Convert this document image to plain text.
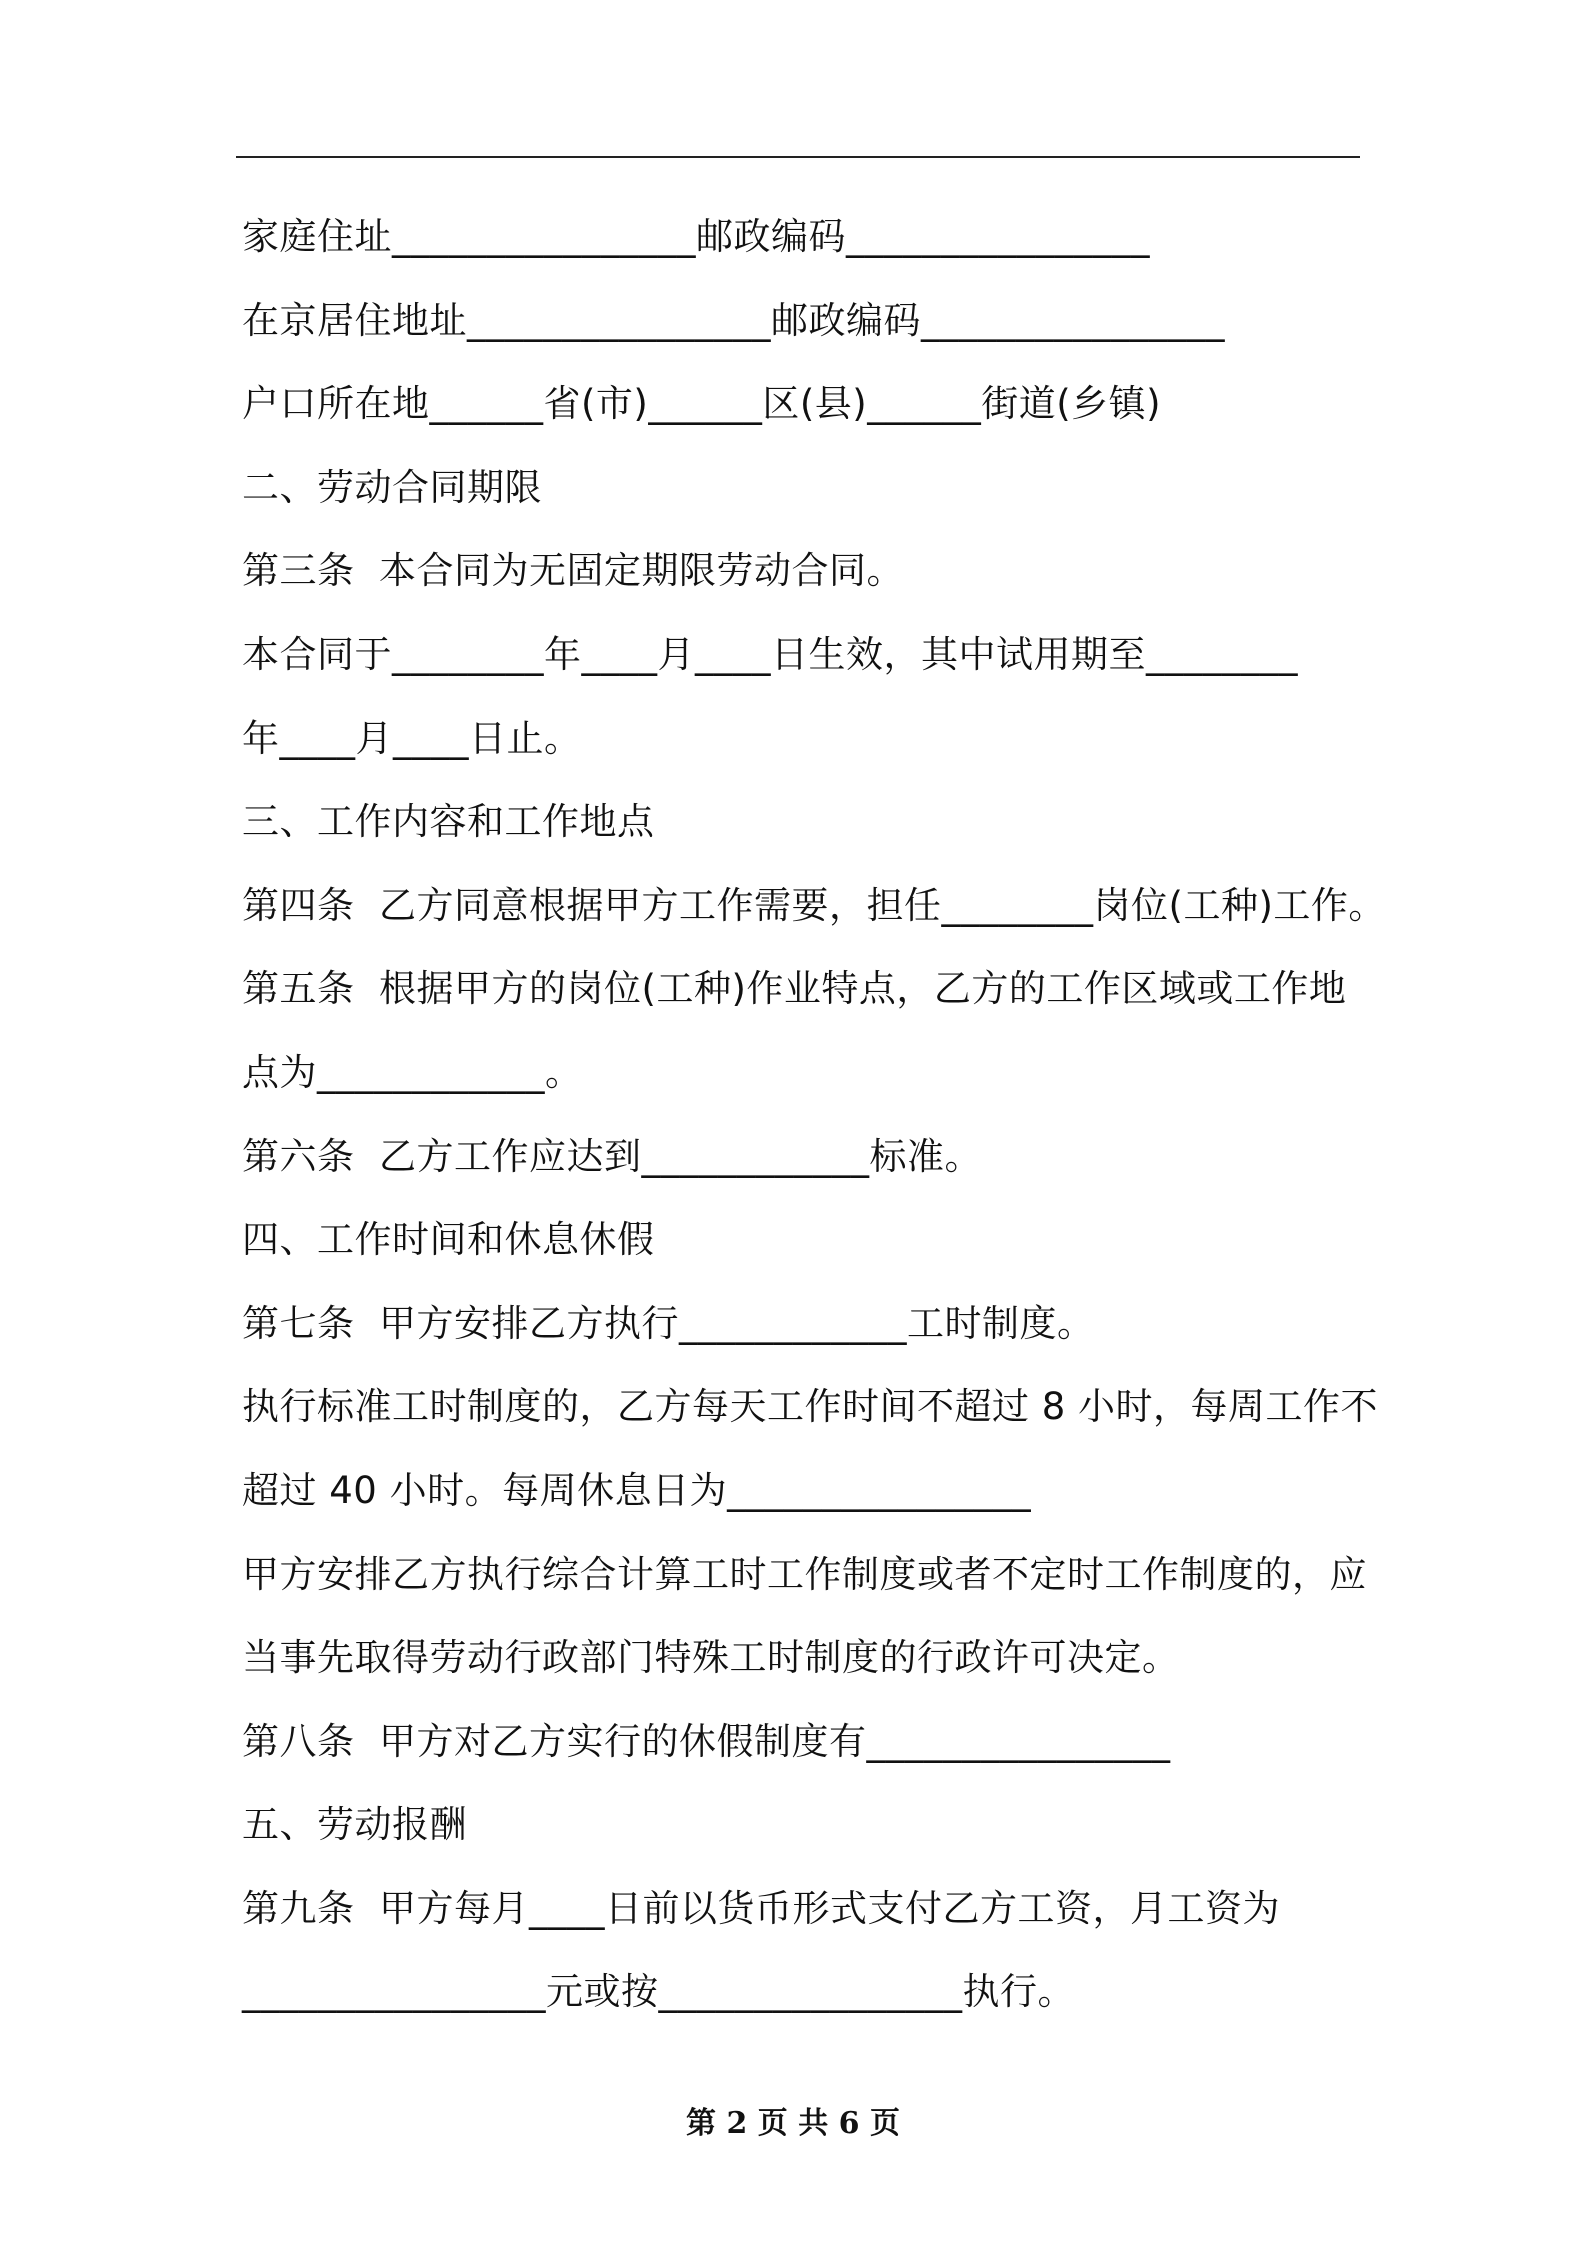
家庭住址________________邮政编码________________
在京居住地址________________邮政编码________________
户口所在地______省(市)______区(县)______街道(乡镇)
二、劳动合同期限
第三条  本合同为无固定期限劳动合同。
本合同于________年____月____日生效，其中试用期至________
年____月____日止。
三、工作内容和工作地点
第四条  乙方同意根据甲方工作需要，担任________岗位(工种)工作。
第五条  根据甲方的岗位(工种)作业特点，乙方的工作区域或工作地
点为____________。
第六条  乙方工作应达到____________标准。
四、工作时间和休息休假
第七条  甲方安排乙方执行____________工时制度。
执行标准工时制度的，乙方每天工作时间不超过 8 小时，每周工作不
超过 40 小时。每周休息日为________________
甲方安排乙方执行综合计算工时工作制度或者不定时工作制度的，应
当事先取得劳动行政部门特殊工时制度的行政许可决定。
第八条  甲方对乙方实行的休假制度有________________
五、劳动报酬
第九条  甲方每月____日前以货币形式支付乙方工资，月工资为
________________元或按________________执行。
第 2 页 共 6 页
